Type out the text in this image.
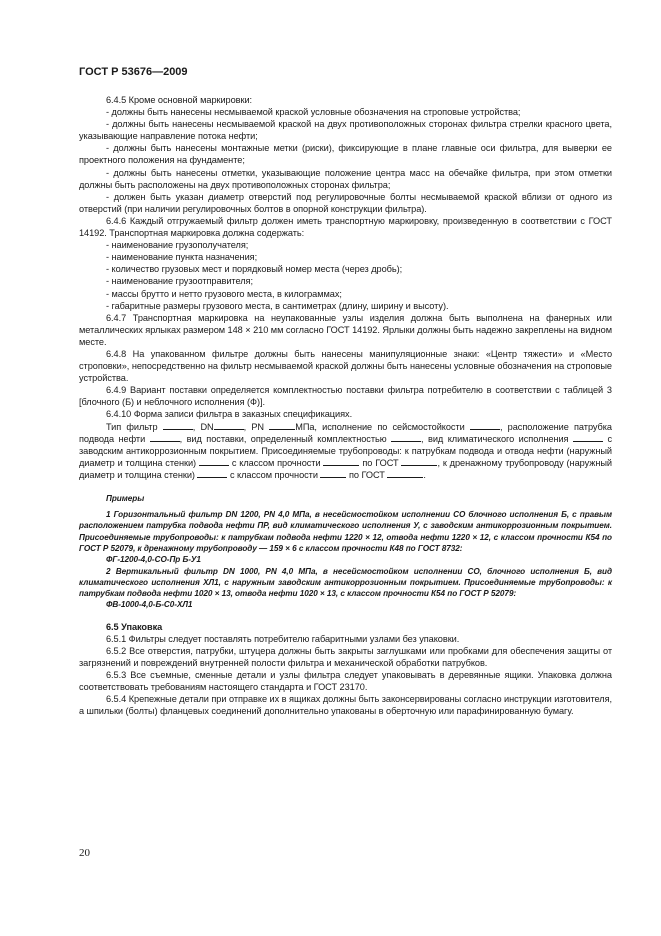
ГОСТ Р 53676—2009

6.4.5 Кроме основной маркировки:

- должны быть нанесены несмываемой краской условные обозначения на строповые устройства;

- должны быть нанесены несмываемой краской на двух противоположных сторонах фильтра стрелки красного цвета, указывающие направление потока нефти;

- должны быть нанесены монтажные метки (риски), фиксирующие в плане главные оси фильтра, для выверки ее проектного положения на фундаменте;

- должны быть нанесены отметки, указывающие положение центра масс на обечайке фильтра, при этом отметки должны быть расположены на двух противоположных сторонах фильтра;

- должен быть указан диаметр отверстий под регулировочные болты несмываемой краской вблизи от одного из отверстий (при наличии регулировочных болтов в опорной конструкции фильтра).

6.4.6 Каждый отгружаемый фильтр должен иметь транспортную маркировку, произведенную в соответствии с ГОСТ 14192. Транспортная маркировка должна содержать:

- наименование грузополучателя;

- наименование пункта назначения;

- количество грузовых мест и порядковый номер места (через дробь);

- наименование грузоотправителя;

- массы брутто и нетто грузового места, в килограммах;

- габаритные размеры грузового места, в сантиметрах (длину, ширину и высоту).

6.4.7 Транспортная маркировка на неупакованные узлы изделия должна быть выполнена на фанерных или металлических ярлыках размером 148 × 210 мм согласно ГОСТ 14192. Ярлыки должны быть надежно закреплены на видном месте.

6.4.8 На упакованном фильтре должны быть нанесены манипуляционные знаки: «Центр тяжести» и «Место строповки», непосредственно на фильтр несмываемой краской должны быть нанесены условные обозначения на строповые устройства.

6.4.9 Вариант поставки определяется комплектностью поставки фильтра потребителю в соответствии с таблицей 3 [блочного (Б) и неблочного исполнения (Ф)].

6.4.10 Форма записи фильтра в заказных спецификациях.

Тип фильтр	, DN	, PN	МПа, исполнение по сейсмостойкости	, расположение патрубка подвода нефти	, вид поставки, определенный комплектностью	, вид климатического исполнения	с заводским антикоррозионным покрытием. Присоединяемые трубопроводы: к патрубкам подвода и отвода нефти (наружный диаметр и толщина стенки)	с классом прочности	по ГОСТ	, к дренажному трубопроводу (наружный диаметр и толщина стенки)	с классом прочности	по ГОСТ	.

Примеры

1 Горизонтальный фильтр DN 1200, PN 4,0 МПа, в несейсмостойком исполнении СО блочного исполнения Б, с правым расположением патрубка подвода нефти ПР, вид климатического исполнения У, с заводским антикоррозионным покрытием. Присоединяемые трубопроводы: к патрубкам подвода нефти 1220 × 12, отвода нефти 1220 × 12, с классом прочности К54 по ГОСТ Р 52079, к дренажному трубопроводу — 159 × 6 с классом прочности К48 по ГОСТ 8732:

ФГ-1200-4,0-СО-Пр Б-У1

2 Вертикальный фильтр DN 1000, PN 4,0 МПа, в несейсмостойком исполнении СО, блочного исполнения Б, вид климатического исполнения ХЛ1, с наружным заводским антикоррозионным покрытием. Присоединяемые трубопроводы: к патрубкам подвода нефти 1020 × 13, отвода нефти 1020 × 13, с классом прочности К54 по ГОСТ Р 52079:

ФВ-1000-4,0-Б-С0-ХЛ1

6.5 Упаковка

6.5.1 Фильтры следует поставлять потребителю габаритными узлами без упаковки.

6.5.2 Все отверстия, патрубки, штуцера должны быть закрыты заглушками или пробками для обеспечения защиты от загрязнений и повреждений внутренней полости фильтра и механической обработки патрубков.

6.5.3 Все съемные, сменные детали и узлы фильтра следует упаковывать в деревянные ящики. Упаковка должна соответствовать требованиям настоящего стандарта и ГОСТ 23170.

6.5.4 Крепежные детали при отправке их в ящиках должны быть законсервированы согласно инструкции изготовителя, а шпильки (болты) фланцевых соединений дополнительно упакованы в оберточную или парафинированную бумагу.

20
